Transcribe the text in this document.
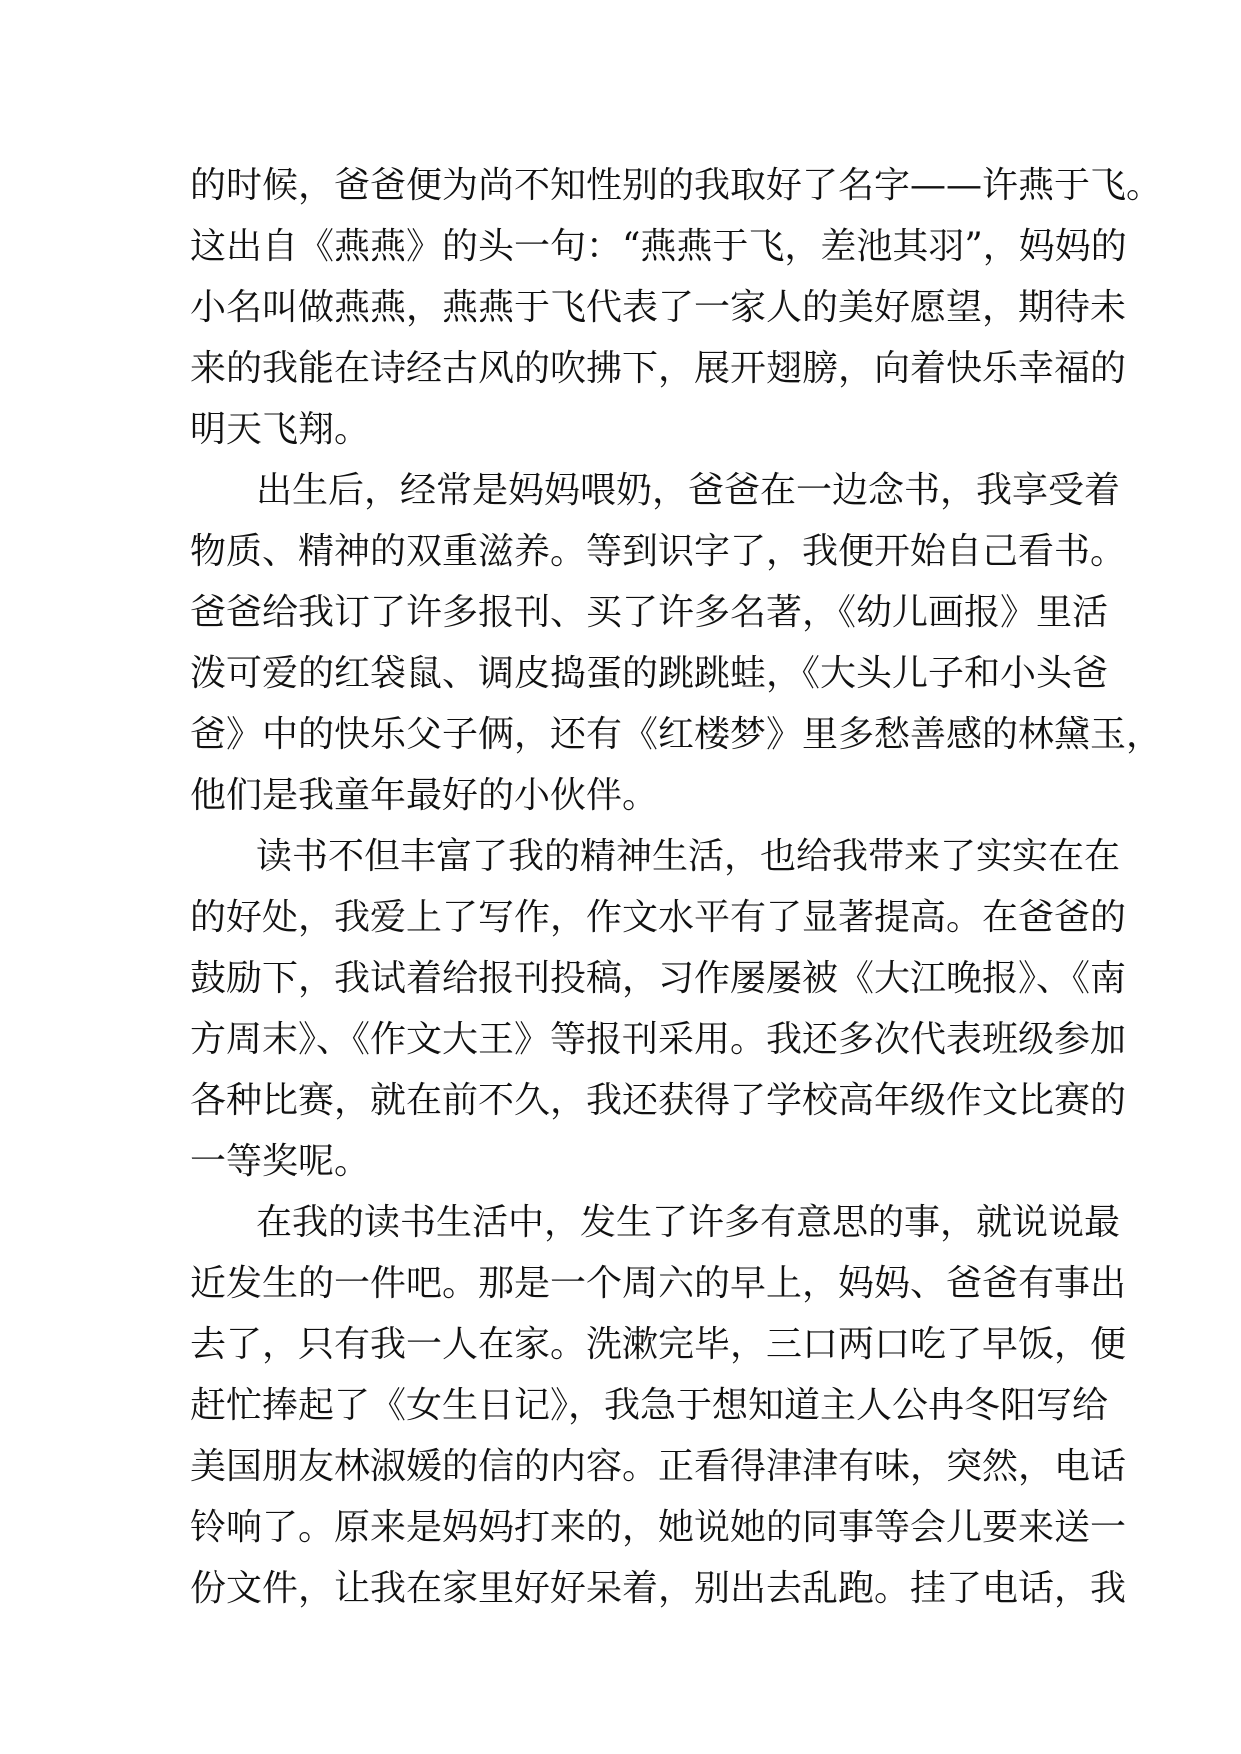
的时候，爸爸便为尚不知性别的我取好了名字——许燕于飞。
这出自《燕燕》的头一句：“燕燕于飞，差池其羽”，妈妈的
小名叫做燕燕，燕燕于飞代表了一家人的美好愿望，期待未
来的我能在诗经古风的吹拂下，展开翅膀，向着快乐幸福的
明天飞翔。
出生后，经常是妈妈喂奶，爸爸在一边念书，我享受着
物质、精神的双重滋养。等到识字了，我便开始自己看书。
爸爸给我订了许多报刊、买了许多名著，《幼儿画报》里活
泼可爱的红袋鼠、调皮捣蛋的跳跳蛙，《大头儿子和小头爸
爸》中的快乐父子俩，还有《红楼梦》里多愁善感的林黛玉，
他们是我童年最好的小伙伴。
读书不但丰富了我的精神生活，也给我带来了实实在在
的好处，我爱上了写作，作文水平有了显著提高。在爸爸的
鼓励下，我试着给报刊投稿，习作屡屡被《大江晚报》、《南
方周末》、《作文大王》等报刊采用。我还多次代表班级参加
各种比赛，就在前不久，我还获得了学校高年级作文比赛的
一等奖呢。
在我的读书生活中，发生了许多有意思的事，就说说最
近发生的一件吧。那是一个周六的早上，妈妈、爸爸有事出
去了，只有我一人在家。洗漱完毕，三口两口吃了早饭，便
赶忙捧起了《女生日记》，我急于想知道主人公冉冬阳写给
美国朋友林淑媛的信的内容。正看得津津有味，突然，电话
铃响了。原来是妈妈打来的，她说她的同事等会儿要来送一
份文件，让我在家里好好呆着，别出去乱跑。挂了电话，我
